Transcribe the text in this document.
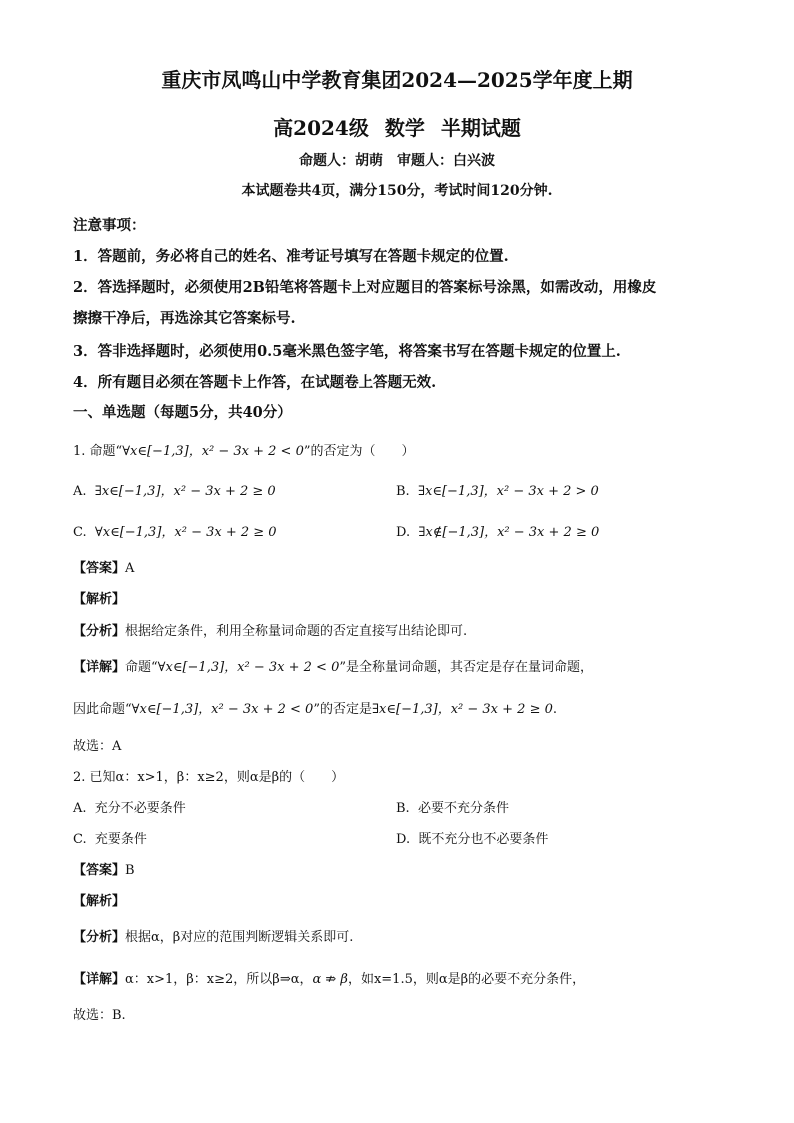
重庆市凤鸣山中学教育集团2024—2025学年度上期
高2024级 数学 半期试题
命题人：胡萌 审题人：白兴波
本试题卷共4页，满分150分，考试时间120分钟.
注意事项：
1．答题前，务必将自己的姓名、准考证号填写在答题卡规定的位置.
2．答选择题时，必须使用2B铅笔将答题卡上对应题目的答案标号涂黑，如需改动，用橡皮
擦擦干净后，再选涂其它答案标号.
3．答非选择题时，必须使用0.5毫米黑色签字笔，将答案书写在答题卡规定的位置上.
4．所有题目必须在答题卡上作答，在试题卷上答题无效.
一、单选题（每题5分，共40分）
1. 命题“∀x∈[−1,3]，x² − 3x + 2 < 0”的否定为（　　）
A. ∃x∈[−1,3]，x² − 3x + 2 ≥ 0	B. ∃x∈[−1,3]，x² − 3x + 2 > 0
C. ∀x∈[−1,3]，x² − 3x + 2 ≥ 0	D. ∃x∉[−1,3]，x² − 3x + 2 ≥ 0
【答案】A
【解析】
【分析】根据给定条件，利用全称量词命题的否定直接写出结论即可.
【详解】命题“∀x∈[−1,3]，x² − 3x + 2 < 0”是全称量词命题，其否定是存在量词命题，
因此命题“∀x∈[−1,3]，x² − 3x + 2 < 0”的否定是∃x∈[−1,3]，x² − 3x + 2 ≥ 0.
故选：A
2. 已知α：x>1，β：x≥2，则α是β的（　　）
A. 充分不必要条件	B. 必要不充分条件
C. 充要条件	D. 既不充分也不必要条件
【答案】B
【解析】
【分析】根据α，β对应的范围判断逻辑关系即可.
【详解】α：x>1，β：x≥2，所以β⇒α，α ⇏ β，如x=1.5，则α是β的必要不充分条件，
故选：B.
